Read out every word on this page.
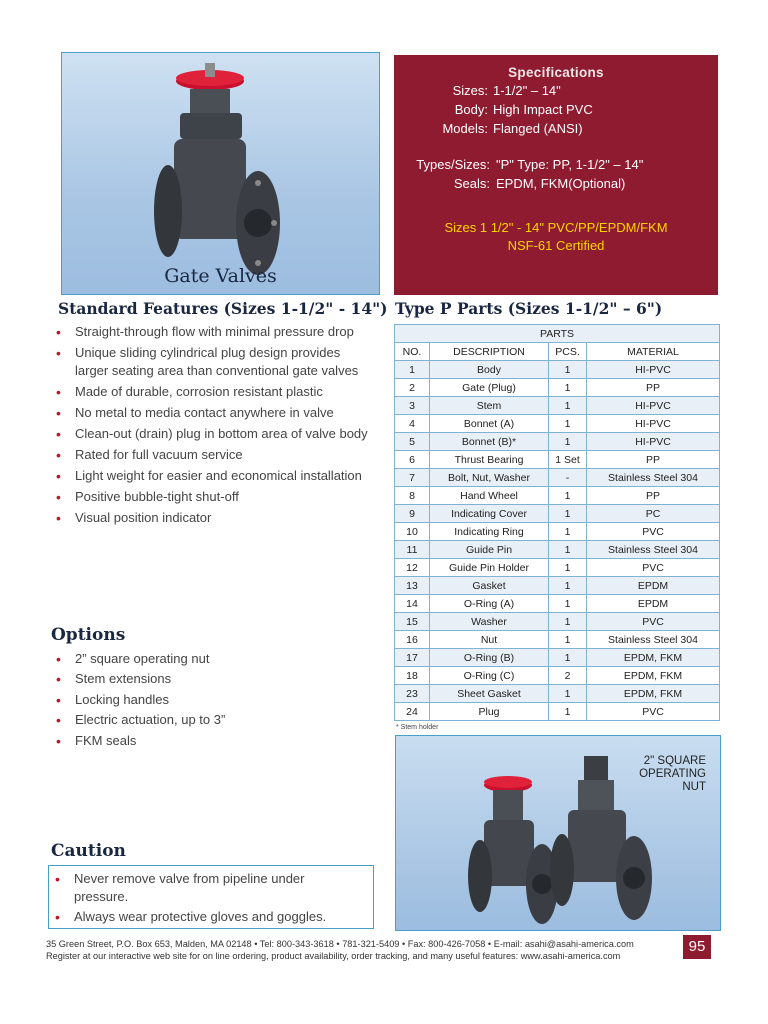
Gate Valves
Specifications
Sizes: 1-1/2" – 14"
Body: High Impact PVC
Models: Flanged (ANSI)
Types/Sizes: "P" Type: PP, 1-1/2" – 14"
Seals: EPDM, FKM(Optional)
Sizes 1 1/2" - 14" PVC/PP/EPDM/FKM
NSF-61 Certified
Standard Features (Sizes 1-1/2" - 14")
• Straight-through flow with minimal pressure drop
• Unique sliding cylindrical plug design provides larger seating area than conventional gate valves
• Made of durable, corrosion resistant plastic
• No metal to media contact anywhere in valve
• Clean-out (drain) plug in bottom area of valve body
• Rated for full vacuum service
• Light weight for easier and economical installation
• Positive bubble-tight shut-off
• Visual position indicator
Options
• 2” square operating nut
• Stem extensions
• Locking handles
• Electric actuation, up to 3”
• FKM seals
Caution
• Never remove valve from pipeline under pressure.
• Always wear protective gloves and goggles.
Type P Parts (Sizes 1-1/2" – 6")
PARTS			
NO.	DESCRIPTION	PCS.	MATERIAL
1	Body	1	HI-PVC
2	Gate (Plug)	1	PP
3	Stem	1	HI-PVC
4	Bonnet (A)	1	HI-PVC
5	Bonnet (B)*	1	HI-PVC
6	Thrust Bearing	1 Set	PP
7	Bolt, Nut, Washer	-	Stainless Steel 304
8	Hand Wheel	1	PP
9	Indicating Cover	1	PC
10	Indicating Ring	1	PVC
11	Guide Pin	1	Stainless Steel 304
12	Guide Pin Holder	1	PVC
13	Gasket	1	EPDM
14	O-Ring (A)	1	EPDM
15	Washer	1	PVC
16	Nut	1	Stainless Steel 304
17	O-Ring (B)	1	EPDM, FKM
18	O-Ring (C)	2	EPDM, FKM
23	Sheet Gasket	1	EPDM, FKM
24	Plug	1	PVC
* Stem holder
2" SQUARE
OPERATING
NUT
35 Green Street, P.O. Box 653, Malden, MA 02148 • Tel: 800-343-3618 • 781-321-5409 • Fax: 800-426-7058 • E-mail: asahi@asahi-america.com
Register at our interactive web site for on line ordering, product availability, order tracking, and many useful features: www.asahi-america.com
95
